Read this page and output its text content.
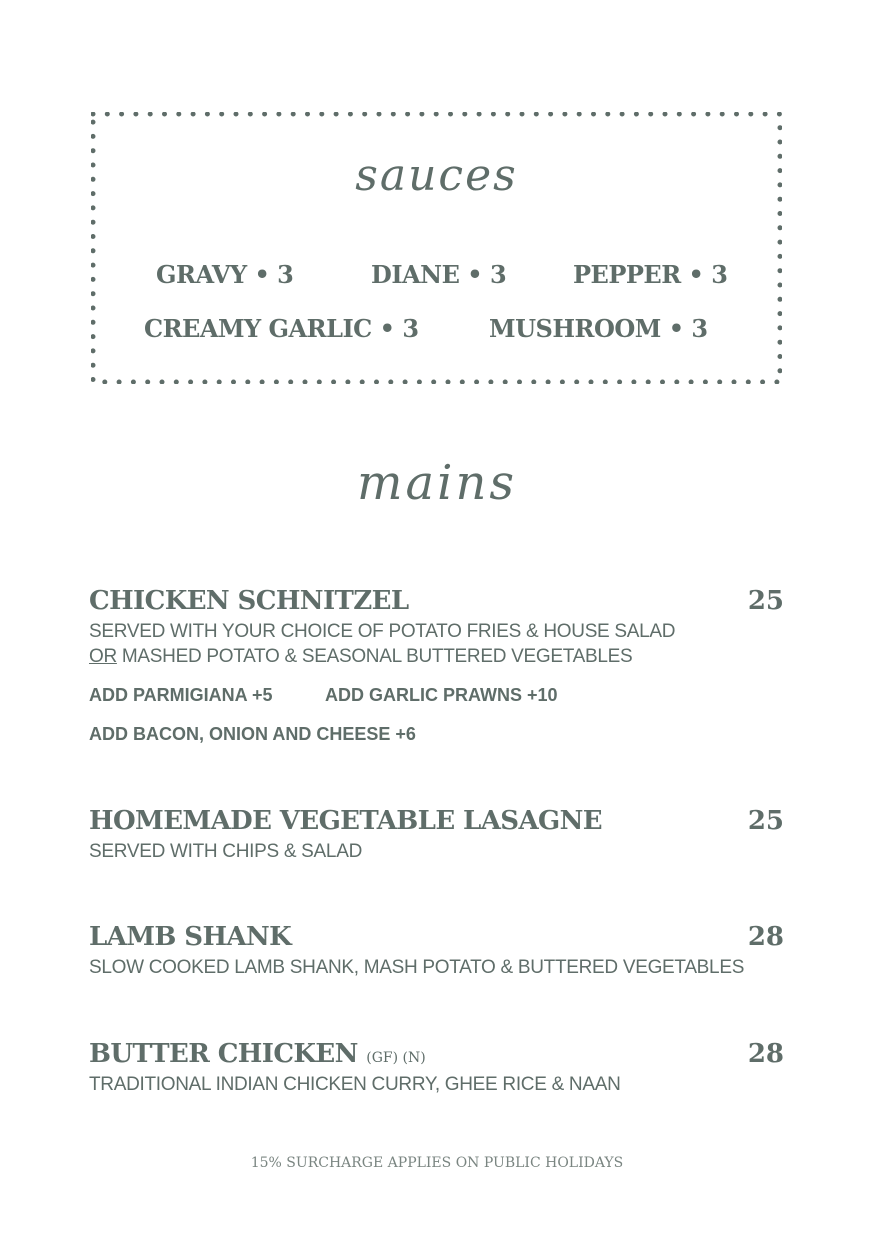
sauces
GRAVY • 3	DIANE • 3	PEPPER • 3
CREAMY GARLIC • 3	MUSHROOM • 3
mains
CHICKEN SCHNITZEL	25
SERVED WITH YOUR CHOICE OF POTATO FRIES & HOUSE SALAD
OR MASHED POTATO & SEASONAL BUTTERED VEGETABLES
ADD PARMIGIANA +5	ADD GARLIC PRAWNS +10
ADD BACON, ONION AND CHEESE +6
HOMEMADE VEGETABLE LASAGNE	25
SERVED WITH CHIPS & SALAD
LAMB SHANK	28
SLOW COOKED LAMB SHANK, MASH POTATO & BUTTERED VEGETABLES
BUTTER CHICKEN (GF) (N)	28
TRADITIONAL INDIAN CHICKEN CURRY, GHEE RICE & NAAN
15% SURCHARGE APPLIES ON PUBLIC HOLIDAYS
